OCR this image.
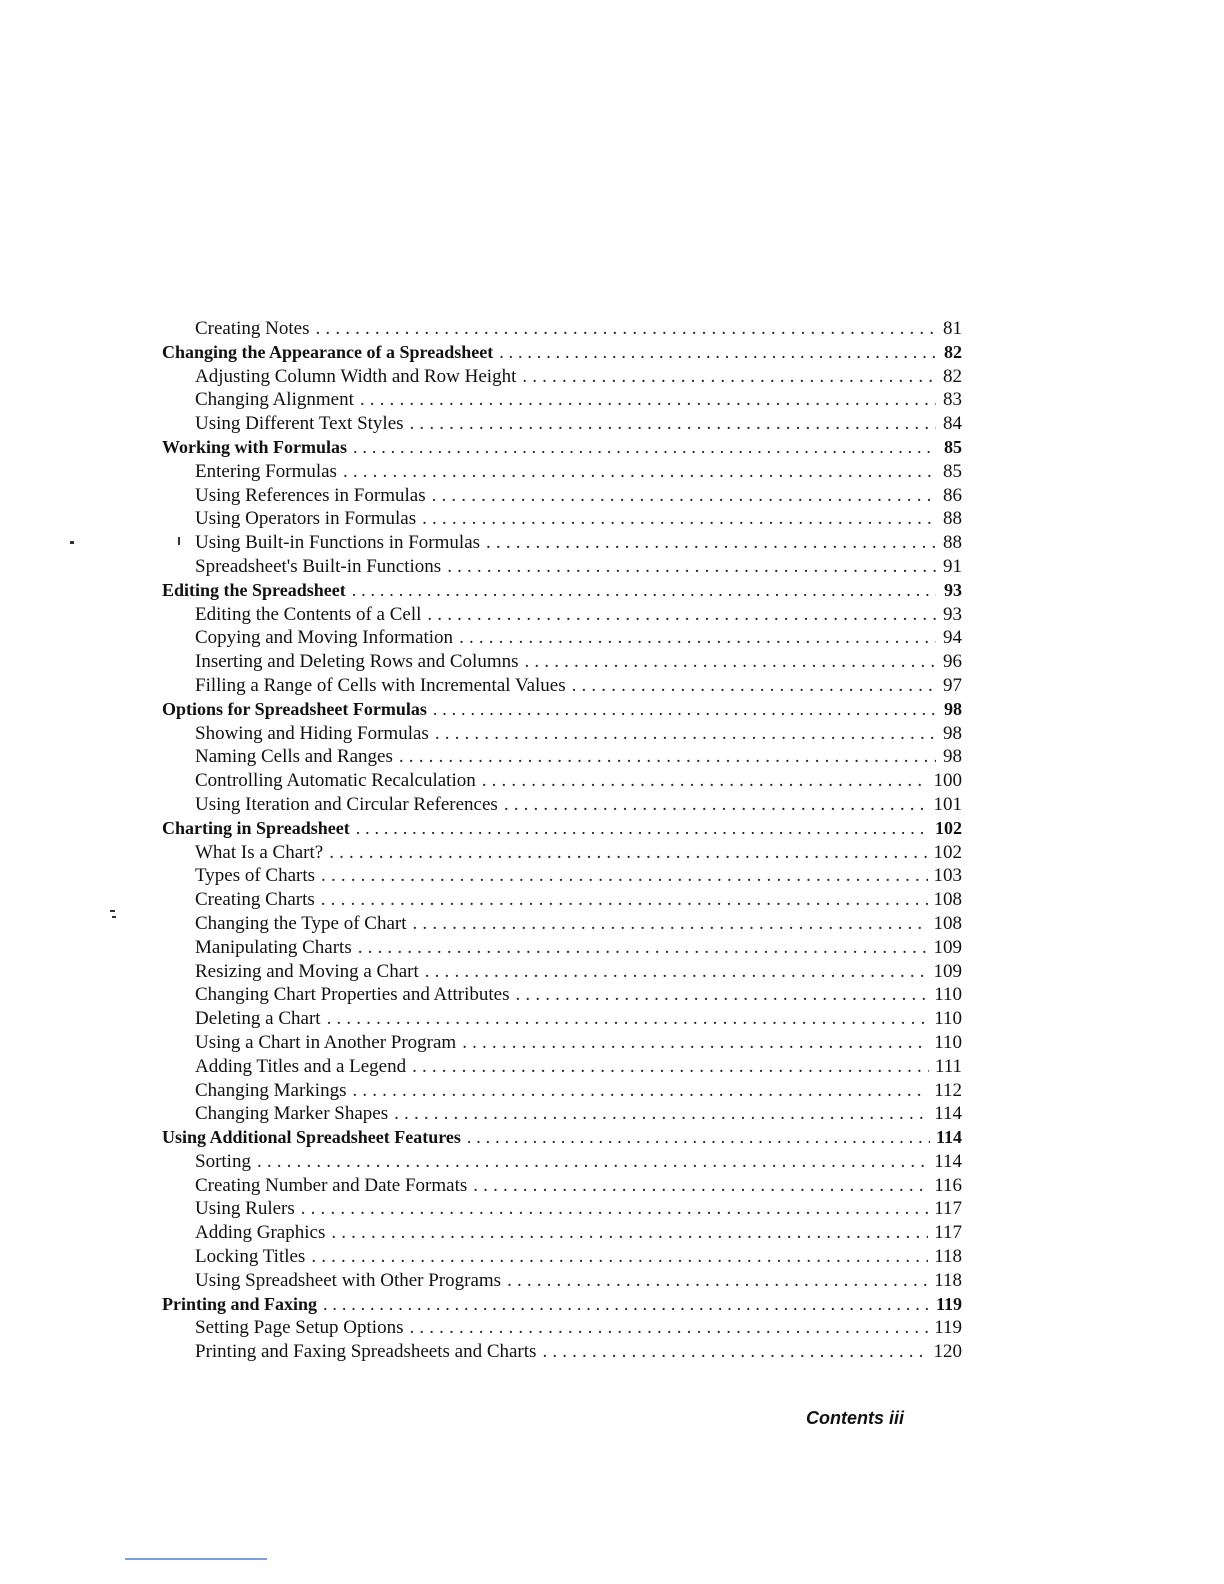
Creating Notes . . .	81
Changing the Appearance of a Spreadsheet . . .	82
Adjusting Column Width and Row Height . . .	82
Changing Alignment . . .	83
Using Different Text Styles . . .	84
Working with Formulas . . .	85
Entering Formulas . . .	85
Using References in Formulas . . .	86
Using Operators in Formulas . . .	88
Using Built-in Functions in Formulas . . .	88
Spreadsheet's Built-in Functions . . .	91
Editing the Spreadsheet . . .	93
Editing the Contents of a Cell . . .	93
Copying and Moving Information . . .	94
Inserting and Deleting Rows and Columns . . .	96
Filling a Range of Cells with Incremental Values . . .	97
Options for Spreadsheet Formulas . . .	98
Showing and Hiding Formulas . . .	98
Naming Cells and Ranges . . .	98
Controlling Automatic Recalculation . . .	100
Using Iteration and Circular References . . .	101
Charting in Spreadsheet . . .	102
What Is a Chart? . . .	102
Types of Charts . . .	103
Creating Charts . . .	108
Changing the Type of Chart . . .	108
Manipulating Charts . . .	109
Resizing and Moving a Chart . . .	109
Changing Chart Properties and Attributes . . .	110
Deleting a Chart . . .	110
Using a Chart in Another Program . . .	110
Adding Titles and a Legend . . .	111
Changing Markings . . .	112
Changing Marker Shapes . . .	114
Using Additional Spreadsheet Features . . .	114
Sorting . . .	114
Creating Number and Date Formats . . .	116
Using Rulers . . .	117
Adding Graphics . . .	117
Locking Titles . . .	118
Using Spreadsheet with Other Programs . . .	118
Printing and Faxing . . .	119
Setting Page Setup Options . . .	119
Printing and Faxing Spreadsheets and Charts . . .	120
Contents iii
